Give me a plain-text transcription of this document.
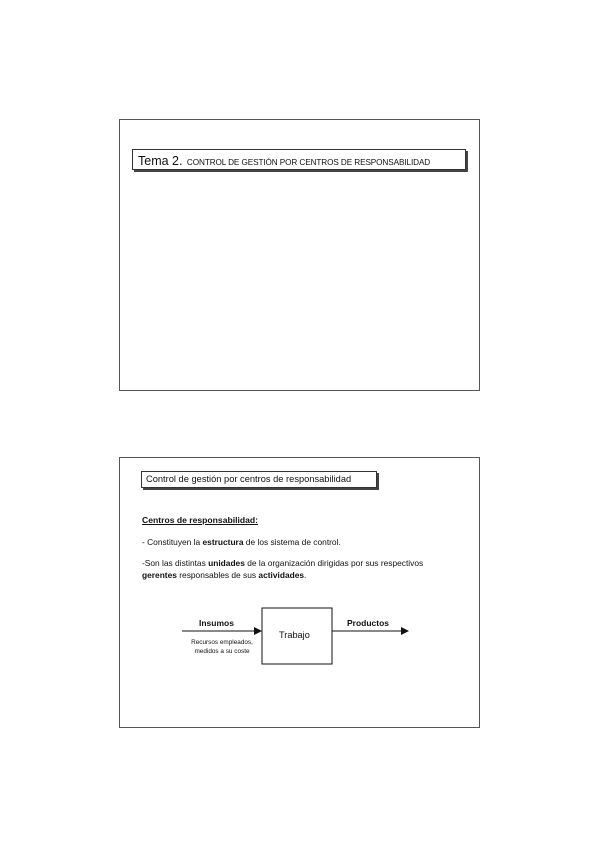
Tema 2. CONTROL DE GESTIÓN POR CENTROS DE RESPONSABILIDAD
Control de gestión por centros de responsabilidad
Centros de responsabilidad:
- Constituyen la estructura de los sistema de control.
-Son las distintas unidades de la organización dirigidas por sus respectivos
gerentes responsables de sus actividades.
Insumos
Recursos empleados,
medidos a su coste
Trabajo
Productos
